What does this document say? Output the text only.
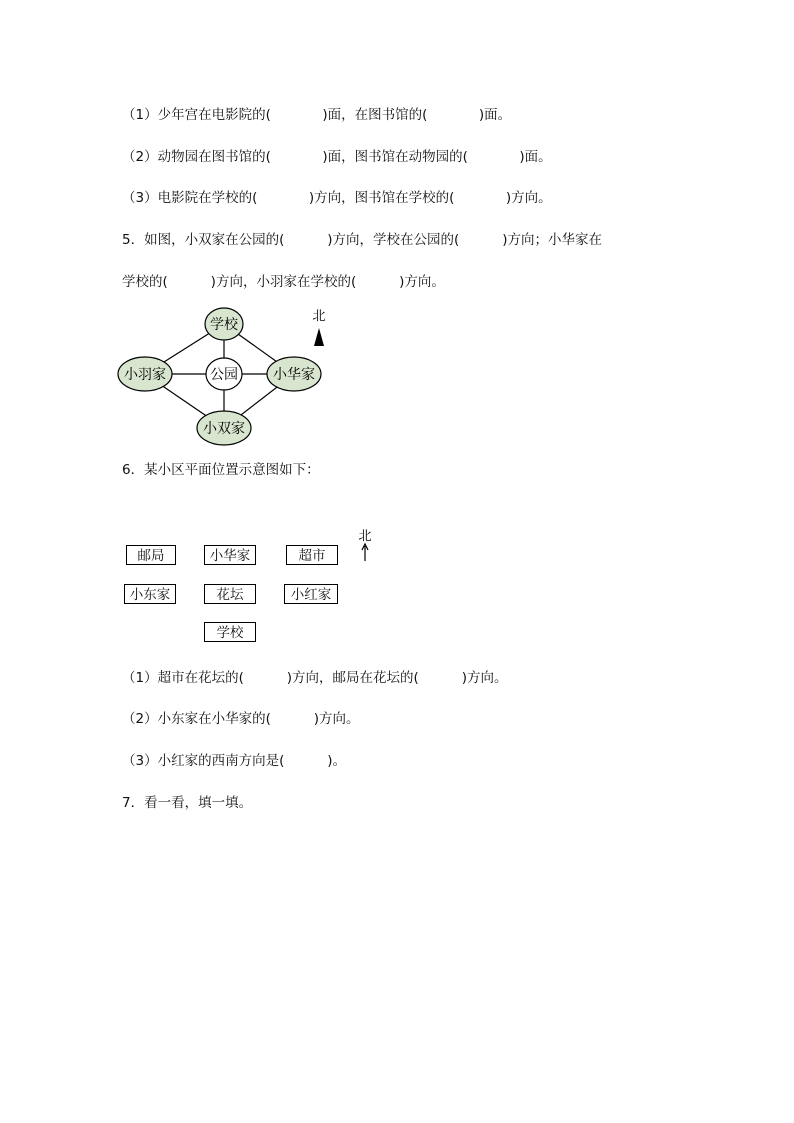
（1）少年宫在电影院的(            )面，在图书馆的(            )面。
（2）动物园在图书馆的(            )面，图书馆在动物园的(            )面。
（3）电影院在学校的(            )方向，图书馆在学校的(            )方向。
5．如图，小双家在公园的(          )方向，学校在公园的(          )方向；小华家在
学校的(          )方向，小羽家在学校的(          )方向。
学校
公园
小羽家	小华家
小双家
北
6．某小区平面位置示意图如下：
邮局	小华家	超市
小东家	花坛	小红家
学校
北
（1）超市在花坛的(          )方向，邮局在花坛的(          )方向。
（2）小东家在小华家的(          )方向。
（3）小红家的西南方向是(          )。
7．看一看，填一填。
